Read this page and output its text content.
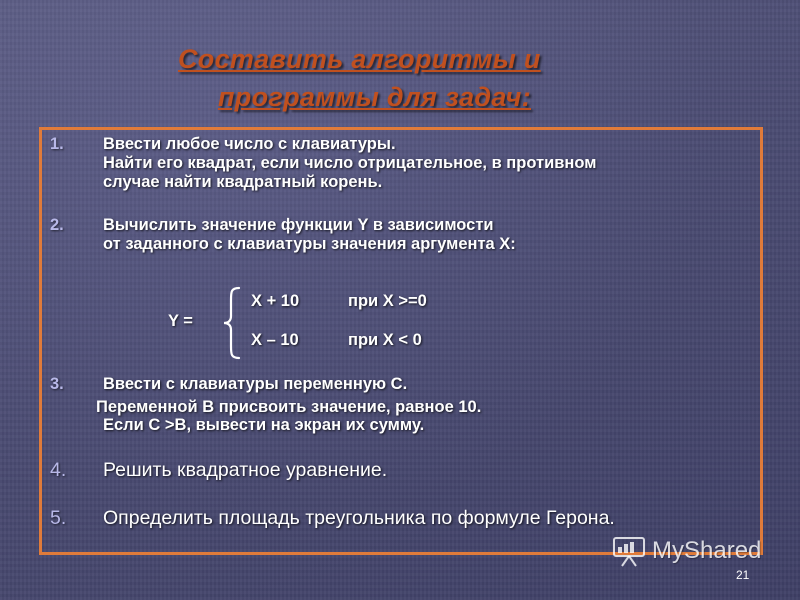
Составить алгоритмы и
программы для задач:
1. Ввести любое число с клавиатуры.
Найти его квадрат, если число отрицательное, в противном
случае найти квадратный корень.
2. Вычислить значение функции Y в зависимости
от заданного с клавиатуры значения аргумента Х:
Y =
Х + 10	при Х >=0
Х – 10	при Х < 0
3. Ввести с клавиатуры переменную С.
Переменной В присвоить значение, равное 10.
Если С >В, вывести на экран их сумму.
4. Решить квадратное уравнение.
5. Определить площадь треугольника по формуле Герона.
MyShared
21
